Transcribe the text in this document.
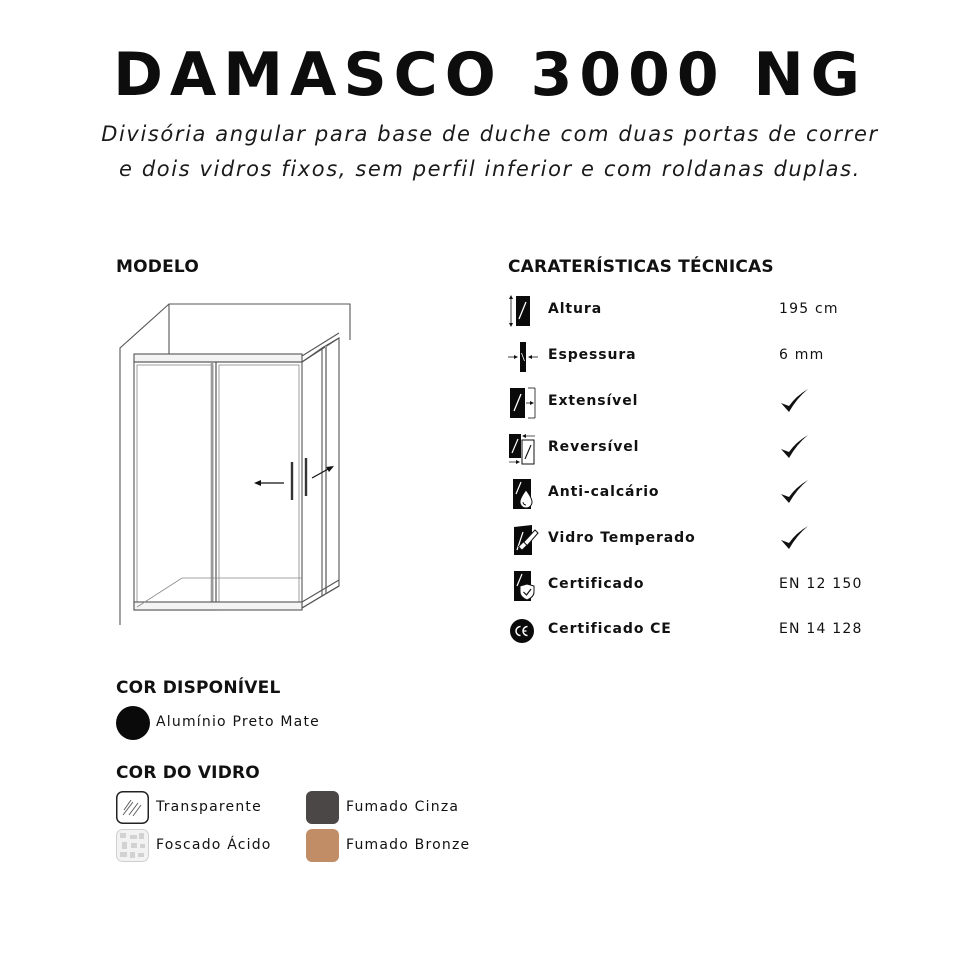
DAMASCO 3000 NG
Divisória angular para base de duche com duas portas de correr e dois vidros fixos, sem perfil inferior e com roldanas duplas.
MODELO	CARATERÍSTICAS TÉCNICAS
Altura	195 cm
Espessura	6 mm
Extensível
Reversível
Anti-calcário
Vidro Temperado
Certificado	EN 12 150
Certificado CE	EN 14 128
COR DISPONÍVEL
Alumínio Preto Mate
COR DO VIDRO
Transparente
Foscado Ácido
Fumado Cinza
Fumado Bronze
